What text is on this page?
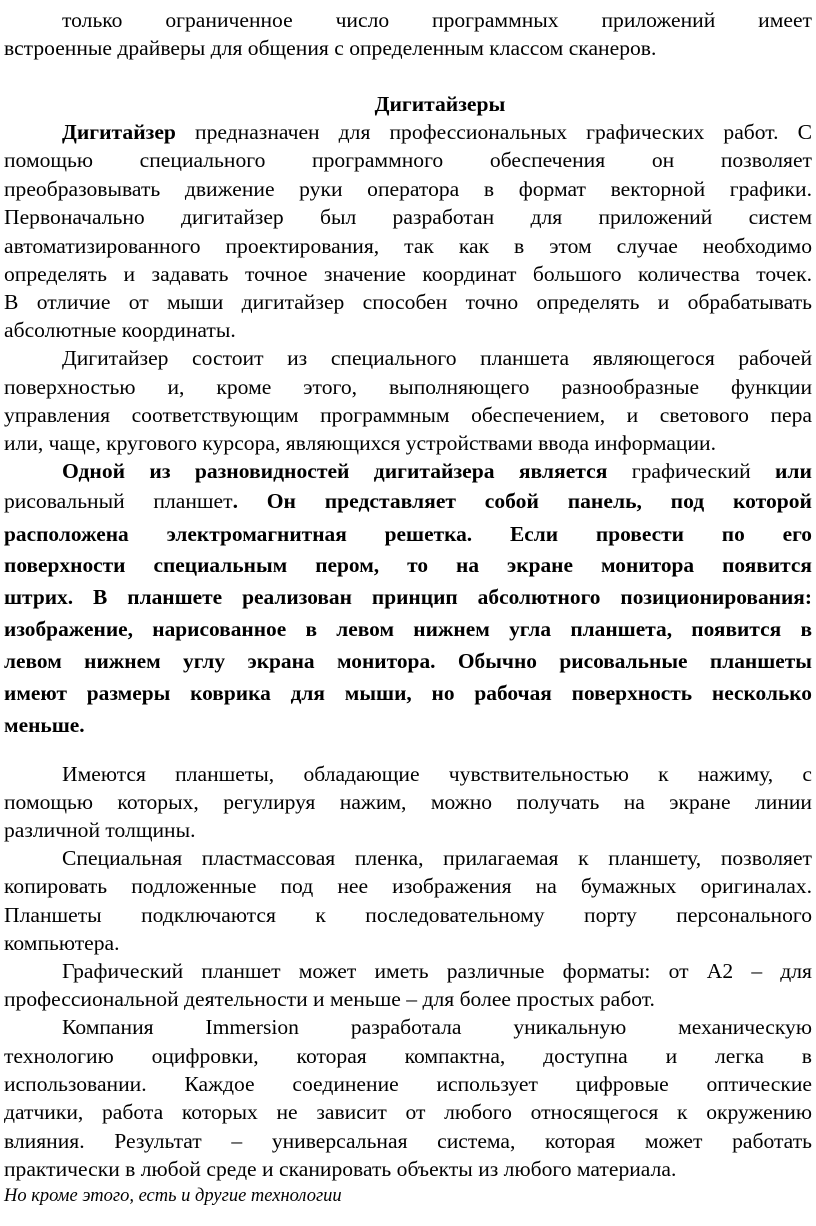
только ограниченное число программных приложений имеет
встроенные драйверы для общения с определенным классом сканеров.
Дигитайзеры
Дигитайзер предназначен для профессиональных графических работ. С
помощью специального программного обеспечения он позволяет
преобразовывать движение руки оператора в формат векторной графики.
Первоначально дигитайзер был разработан для приложений систем
автоматизированного проектирования, так как в этом случае необходимо
определять и задавать точное значение координат большого количества точек.
В отличие от мыши дигитайзер способен точно определять и обрабатывать
абсолютные координаты.
Дигитайзер состоит из специального планшета являющегося рабочей
поверхностью и, кроме этого, выполняющего разнообразные функции
управления соответствующим программным обеспечением, и светового пера
или, чаще, кругового курсора, являющихся устройствами ввода информации.
Одной из разновидностей дигитайзера является графический или
рисовальный планшет. Он представляет собой панель, под которой
расположена электромагнитная решетка. Если провести по его
поверхности специальным пером, то на экране монитора появится
штрих. В планшете реализован принцип абсолютного позиционирования:
изображение, нарисованное в левом нижнем угла планшета, появится в
левом нижнем углу экрана монитора. Обычно рисовальные планшеты
имеют размеры коврика для мыши, но рабочая поверхность несколько
меньше.
Имеются планшеты, обладающие чувствительностью к нажиму, с
помощью которых, регулируя нажим, можно получать на экране линии
различной толщины.
Специальная пластмассовая пленка, прилагаемая к планшету, позволяет
копировать подложенные под нее изображения на бумажных оригиналах.
Планшеты подключаются к последовательному порту персонального
компьютера.
Графический планшет может иметь различные форматы: от А2 – для
профессиональной деятельности и меньше – для более простых работ.
Компания Immersion разработала уникальную механическую
технологию оцифровки, которая компактна, доступна и легка в
использовании. Каждое соединение использует цифровые оптические
датчики, работа которых не зависит от любого относящегося к окружению
влияния. Результат – универсальная система, которая может работать
практически в любой среде и сканировать объекты из любого материала.
Но кроме этого, есть и другие технологии
